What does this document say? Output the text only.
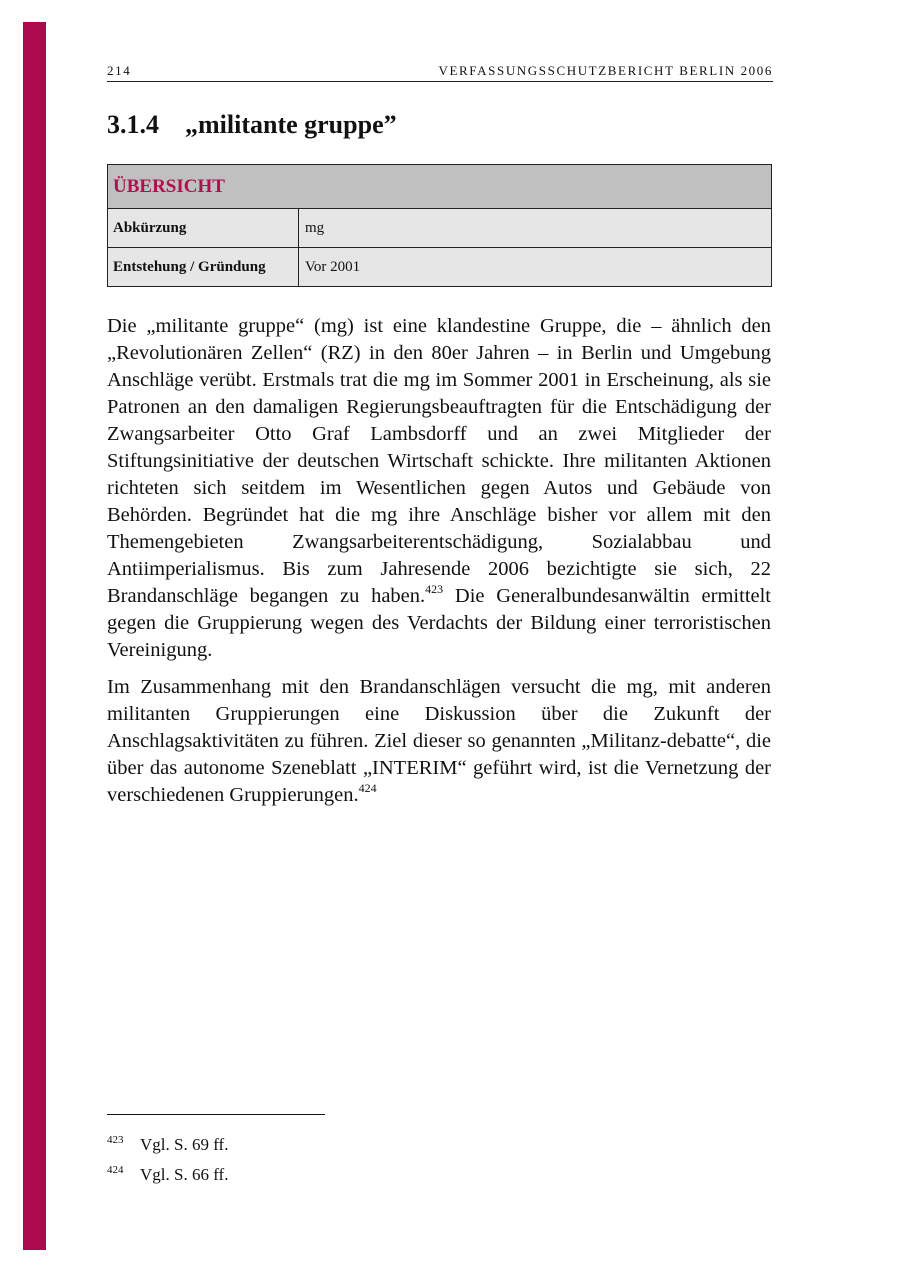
214	VERFASSUNGSSCHUTZBERICHT BERLIN 2006
3.1.4 „militante gruppe”
ÜBERSICHT
Abkürzung	mg
Entstehung / Gründung	Vor 2001

Die „militante gruppe“ (mg) ist eine klandestine Gruppe, die – ähnlich den „Revolutionären Zellen“ (RZ) in den 80er Jahren – in Berlin und Umgebung Anschläge verübt. Erstmals trat die mg im Sommer 2001 in Erscheinung, als sie Patronen an den damaligen Regierungsbeauftragten für die Entschädigung der Zwangsarbeiter Otto Graf Lambsdorff und an zwei Mitglieder der Stiftungsinitiative der deutschen Wirtschaft schickte. Ihre militanten Aktionen richteten sich seitdem im Wesentlichen gegen Autos und Gebäude von Behörden. Begründet hat die mg ihre Anschläge bisher vor allem mit den Themengebieten Zwangsarbeiterentschädigung, Sozialabbau und Antiimperialismus. Bis zum Jahresende 2006 bezichtigte sie sich, 22 Brandanschläge begangen zu haben.$^{423}$ Die Generalbundesanwältin ermittelt gegen die Gruppierung wegen des Verdachts der Bildung einer terroristischen Vereinigung.

Im Zusammenhang mit den Brandanschlägen versucht die mg, mit anderen militanten Gruppierungen eine Diskussion über die Zukunft der Anschlagsaktivitäten zu führen. Ziel dieser so genannten „Militanz-debatte“, die über das autonome Szeneblatt „INTERIM“ geführt wird, ist die Vernetzung der verschiedenen Gruppierungen.$^{424}$

423 Vgl. S. 69 ff.
424 Vgl. S. 66 ff.
